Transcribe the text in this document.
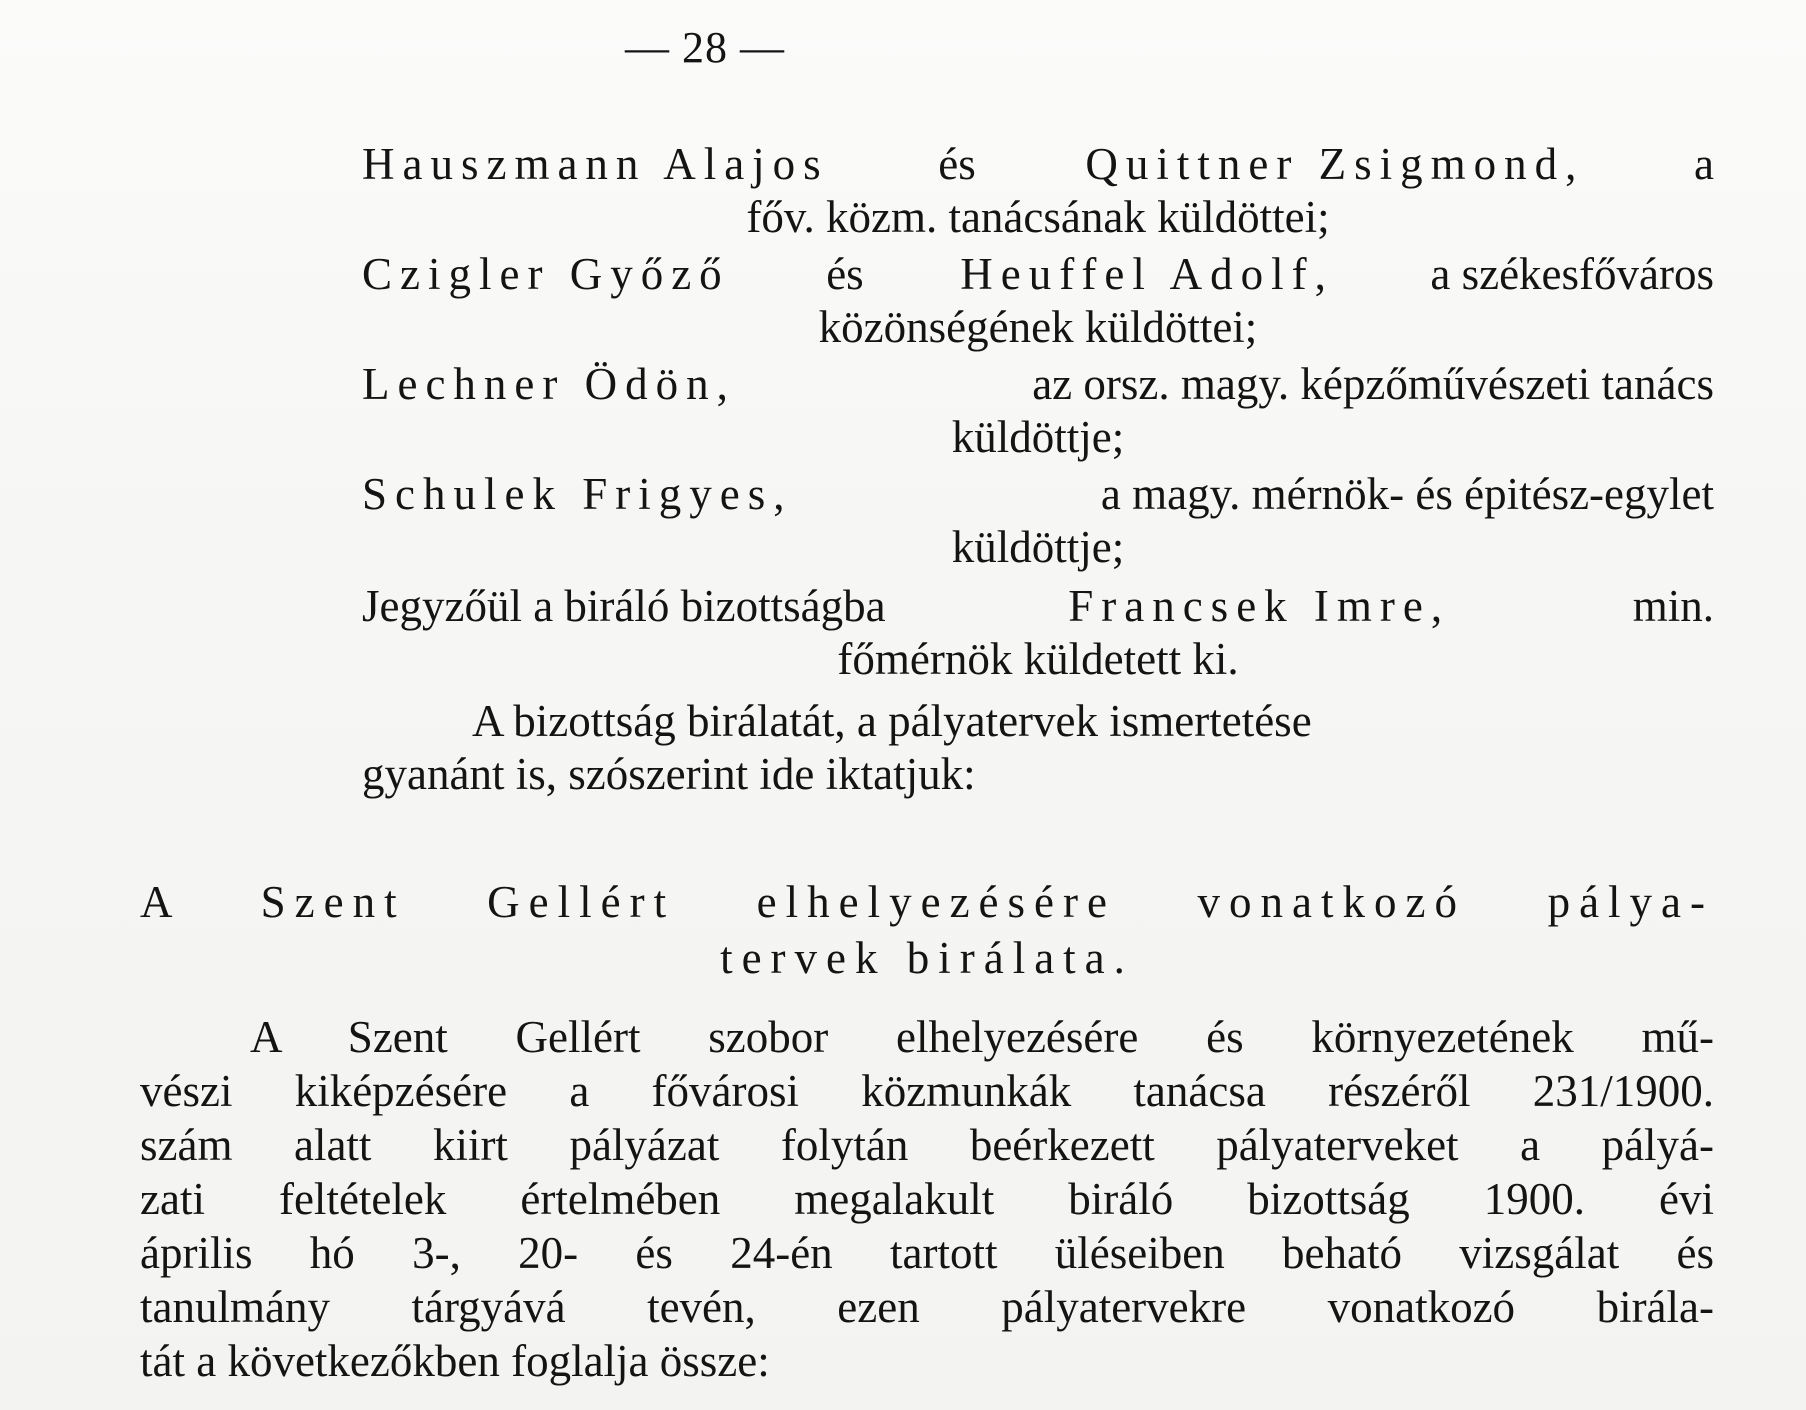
— 28 —
Hauszmann Alajos és Quittner Zsigmond, a
főv. közm. tanácsának küldöttei;
Czigler Győző és Heuffel Adolf, a székesfőváros
közönségének küldöttei;
Lechner Ödön,	az orsz. magy. képzőművészeti tanács
küldöttje;
Schulek Frigyes,	a magy. mérnök- és épitész-egylet
küldöttje;
Jegyzőül a biráló bizottságba	Francsek Imre,	min.
főmérnök küldetett ki.
A bizottság birálatát, a pályatervek ismertetése
gyanánt is, szószerint ide iktatjuk:
A Szent Gellért elhelyezésére vonatkozó pálya-
tervek birálata.
A Szent Gellért szobor elhelyezésére és környezetének mű-
vészi kiképzésére a fővárosi közmunkák tanácsa részéről 231/1900.
szám alatt kiirt pályázat folytán beérkezett pályaterveket a pályá-
zati feltételek értelmében megalakult biráló bizottság 1900. évi
április hó 3-, 20- és 24-én tartott üléseiben beható vizsgálat és
tanulmány tárgyává tevén, ezen pályatervekre vonatkozó birála-
tát a következőkben foglalja össze:
